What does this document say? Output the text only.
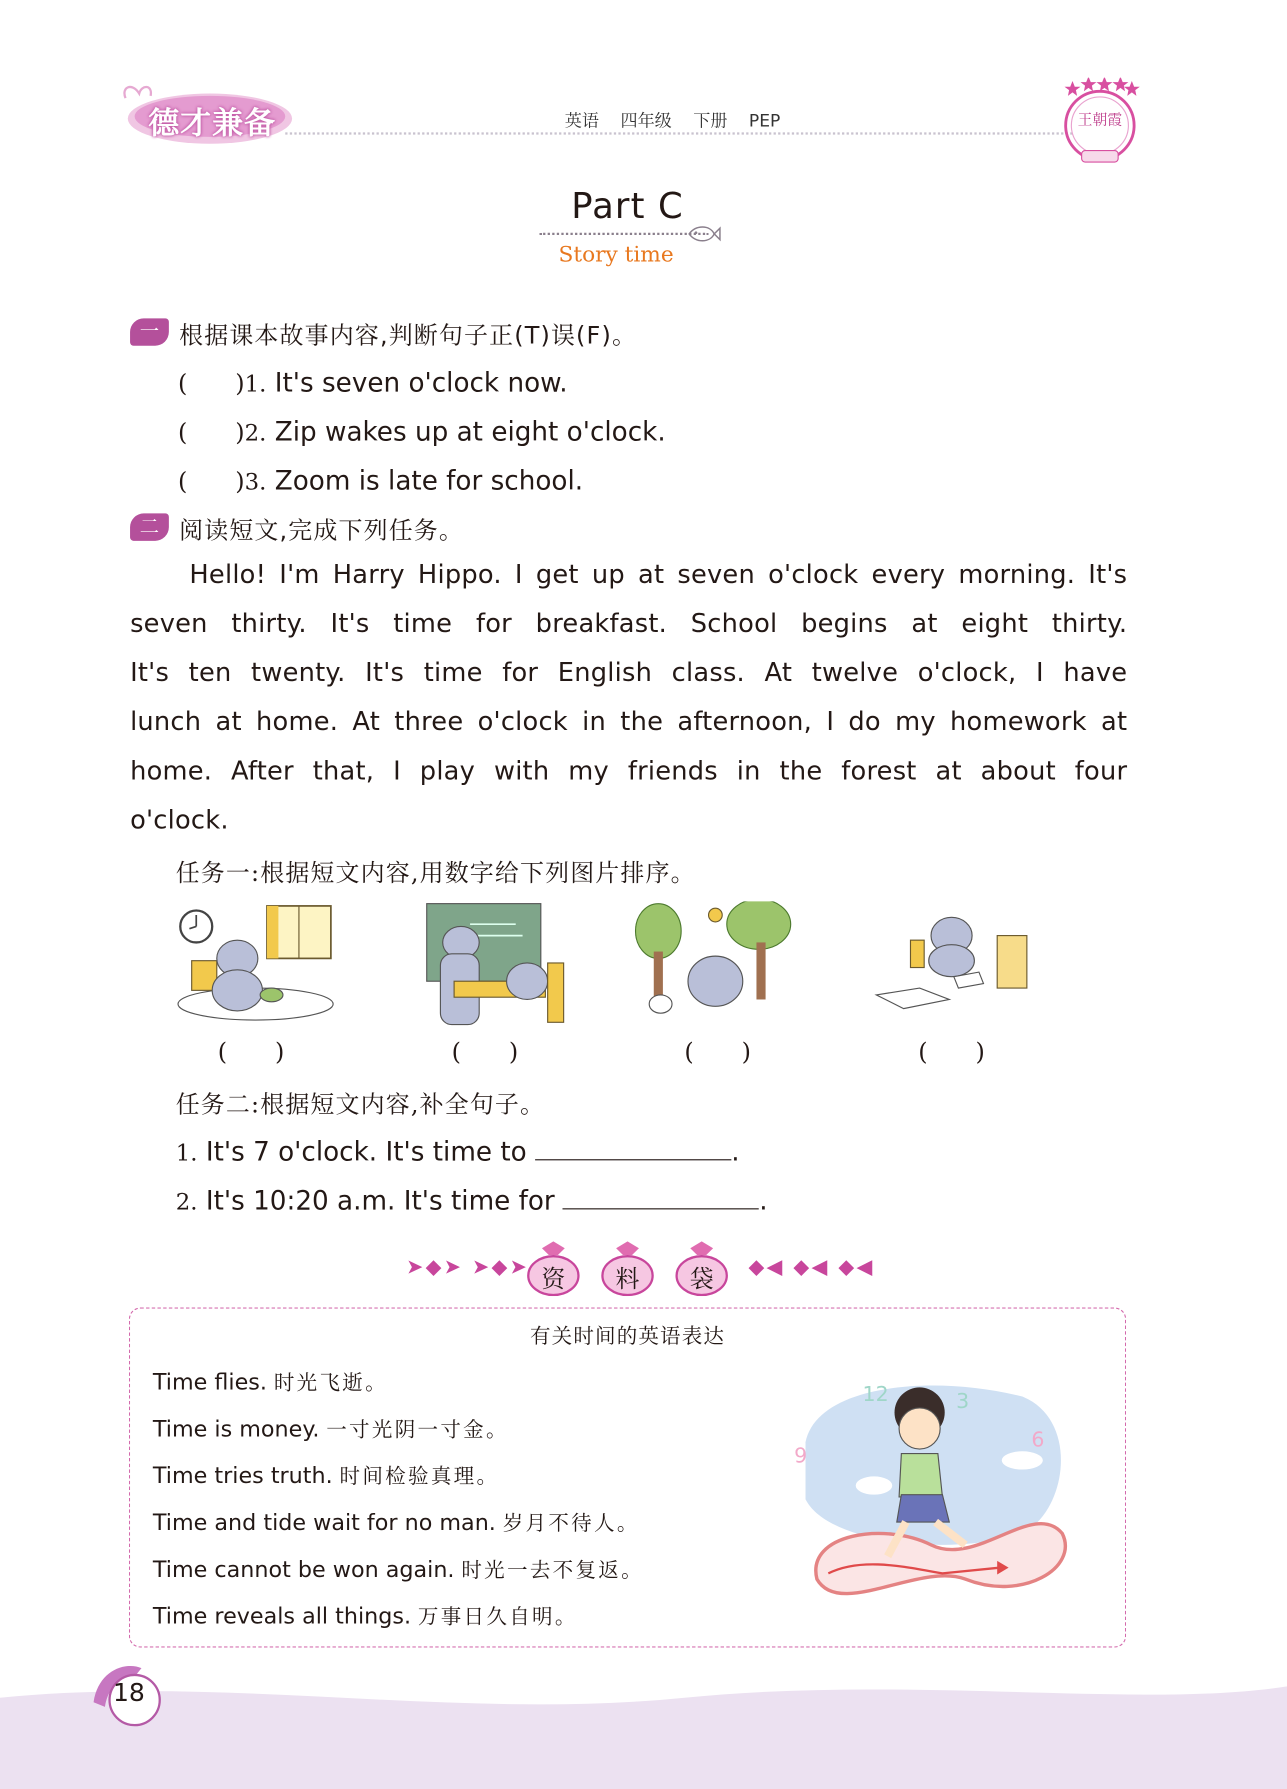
德才兼备	英语 四年级 下册 PEP	王朝霞
Part C
Story time
一 根据课本故事内容,判断句子正(T)误(F)。
(　　)1. It's seven o'clock now.
(　　)2. Zip wakes up at eight o'clock.
(　　)3. Zoom is late for school.
二 阅读短文,完成下列任务。
Hello! I'm Harry Hippo. I get up at seven o'clock every morning. It's
seven thirty. It's time for breakfast. School begins at eight thirty.
It's ten twenty. It's time for English class. At twelve o'clock, I have
lunch at home. At three o'clock in the afternoon, I do my homework at
home. After that, I play with my friends in the forest at about four
o'clock.
任务一:根据短文内容,用数字给下列图片排序。
(　　)	(　　)	(　　)	(　　)
任务二:根据短文内容,补全句子。
1. It's 7 o'clock. It's time to	.
2. It's 10:20 a.m. It's time for	.
➤◆➤ ➤◆➤	◆◀ ◆◀ ◆◀
资	料	袋
有关时间的英语表达
Time flies. 时光飞逝。
Time is money. 一寸光阴一寸金。
Time tries truth. 时间检验真理。
Time and tide wait for no man. 岁月不待人。
Time cannot be won again. 时光一去不复返。
Time reveals all things. 万事日久自明。
12	3
6
9
18
